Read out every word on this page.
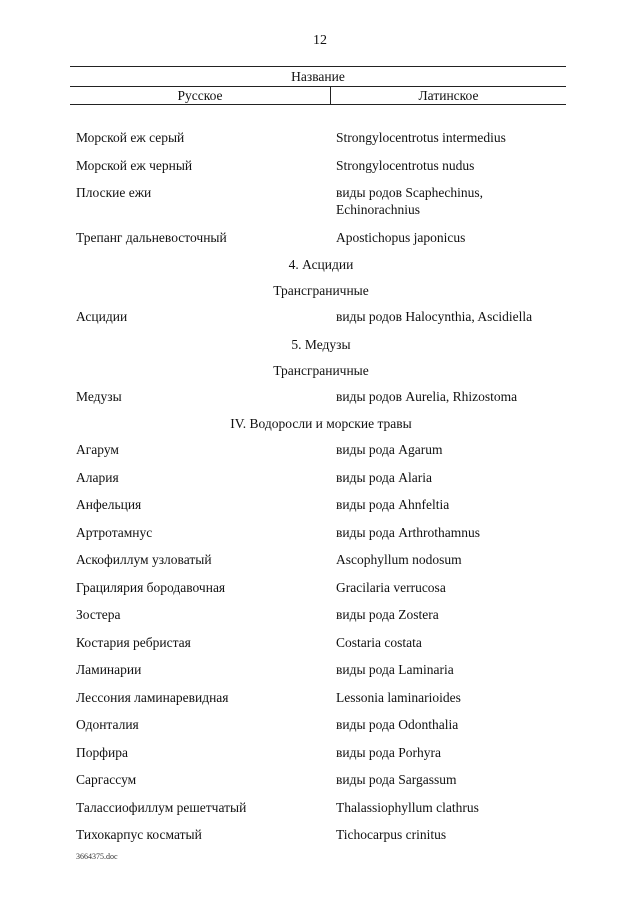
12
Название
Русское	Латинское
Морской еж серый	Strongylocentrotus intermedius
Морской еж черный	Strongylocentrotus nudus
Плоские ежи	виды родов Scaphechinus,
Echinorachnius
Трепанг дальневосточный	Apostichopus japonicus
4. Асцидии
Трансграничные
Асцидии	виды родов Halocynthia, Ascidiella
5. Медузы
Трансграничные
Медузы	виды родов Aurelia, Rhizostoma
IV. Водоросли и морские травы
Агарум	виды рода Agarum
Алария	виды рода Alaria
Анфельция	виды рода Ahnfeltia
Артротамнус	виды рода Arthrothamnus
Аскофиллум узловатый	Ascophyllum nodosum
Грацилярия бородавочная	Gracilaria verrucosa
Зостера	виды рода Zostera
Костария ребристая	Costaria costata
Ламинарии	виды рода Laminaria
Лессония ламинаревидная	Lessonia laminarioides
Одонталия	виды рода Odonthalia
Порфира	виды рода Porhyra
Саргассум	виды рода Sargassum
Талассиофиллум решетчатый	Thalassiophyllum clathrus
Тихокарпус косматый	Tichocarpus crinitus
3664375.doc
